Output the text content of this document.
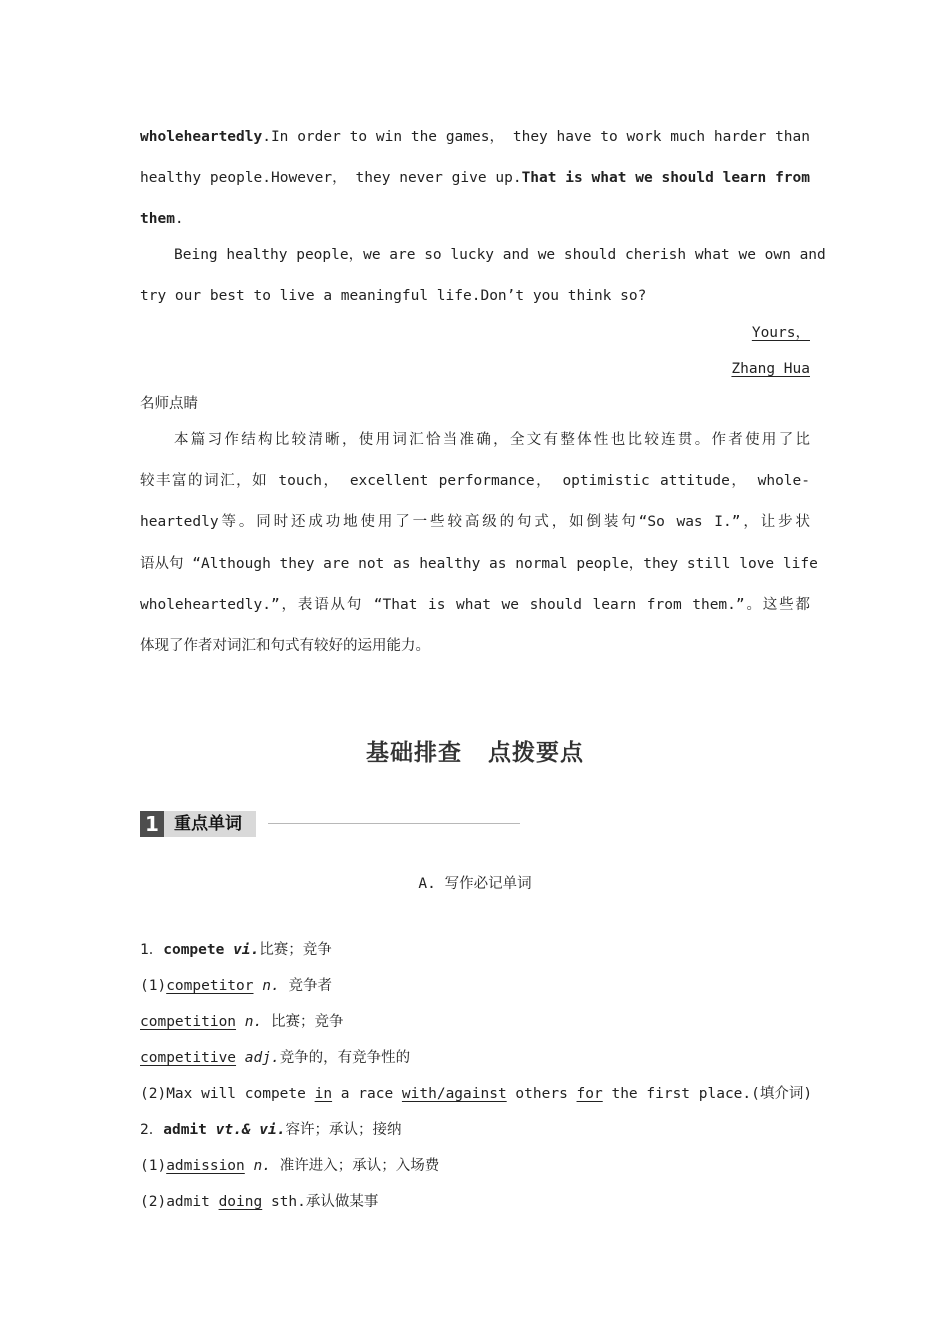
wholeheartedly.In order to win the games， they have to work much harder than
healthy people.However， they never give up.That is what we should learn from
them.
Being healthy people，we are so lucky and we should cherish what we own and
try our best to live a meaningful life.Don’t you think so?
Yours，
Zhang Hua
名师点睛
本篇习作结构比较清晰，使用词汇恰当准确，全文有整体性也比较连贯。作者使用了比
较丰富的词汇，如 touch， excellent performance， optimistic attitude， whole-
heartedly等。同时还成功地使用了一些较高级的句式，如倒装句“So was I.”，让步状
语从句 “Although they are not as healthy as normal people，they still love life
wholeheartedly.”，表语从句 “That is what we should learn from them.”。这些都
体现了作者对词汇和句式有较好的运用能力。
基础排查 点拨要点
1 重点单词
A. 写作必记单词
1．compete vi.比赛；竞争
(1)competitor n. 竞争者
competition n. 比赛；竞争
competitive adj.竞争的，有竞争性的
(2)Max will compete in a race with/against others for the first place.(填介词)
2．admit vt.& vi.容许；承认；接纳
(1)admission n. 准许进入；承认；入场费
(2)admit doing sth.承认做某事
